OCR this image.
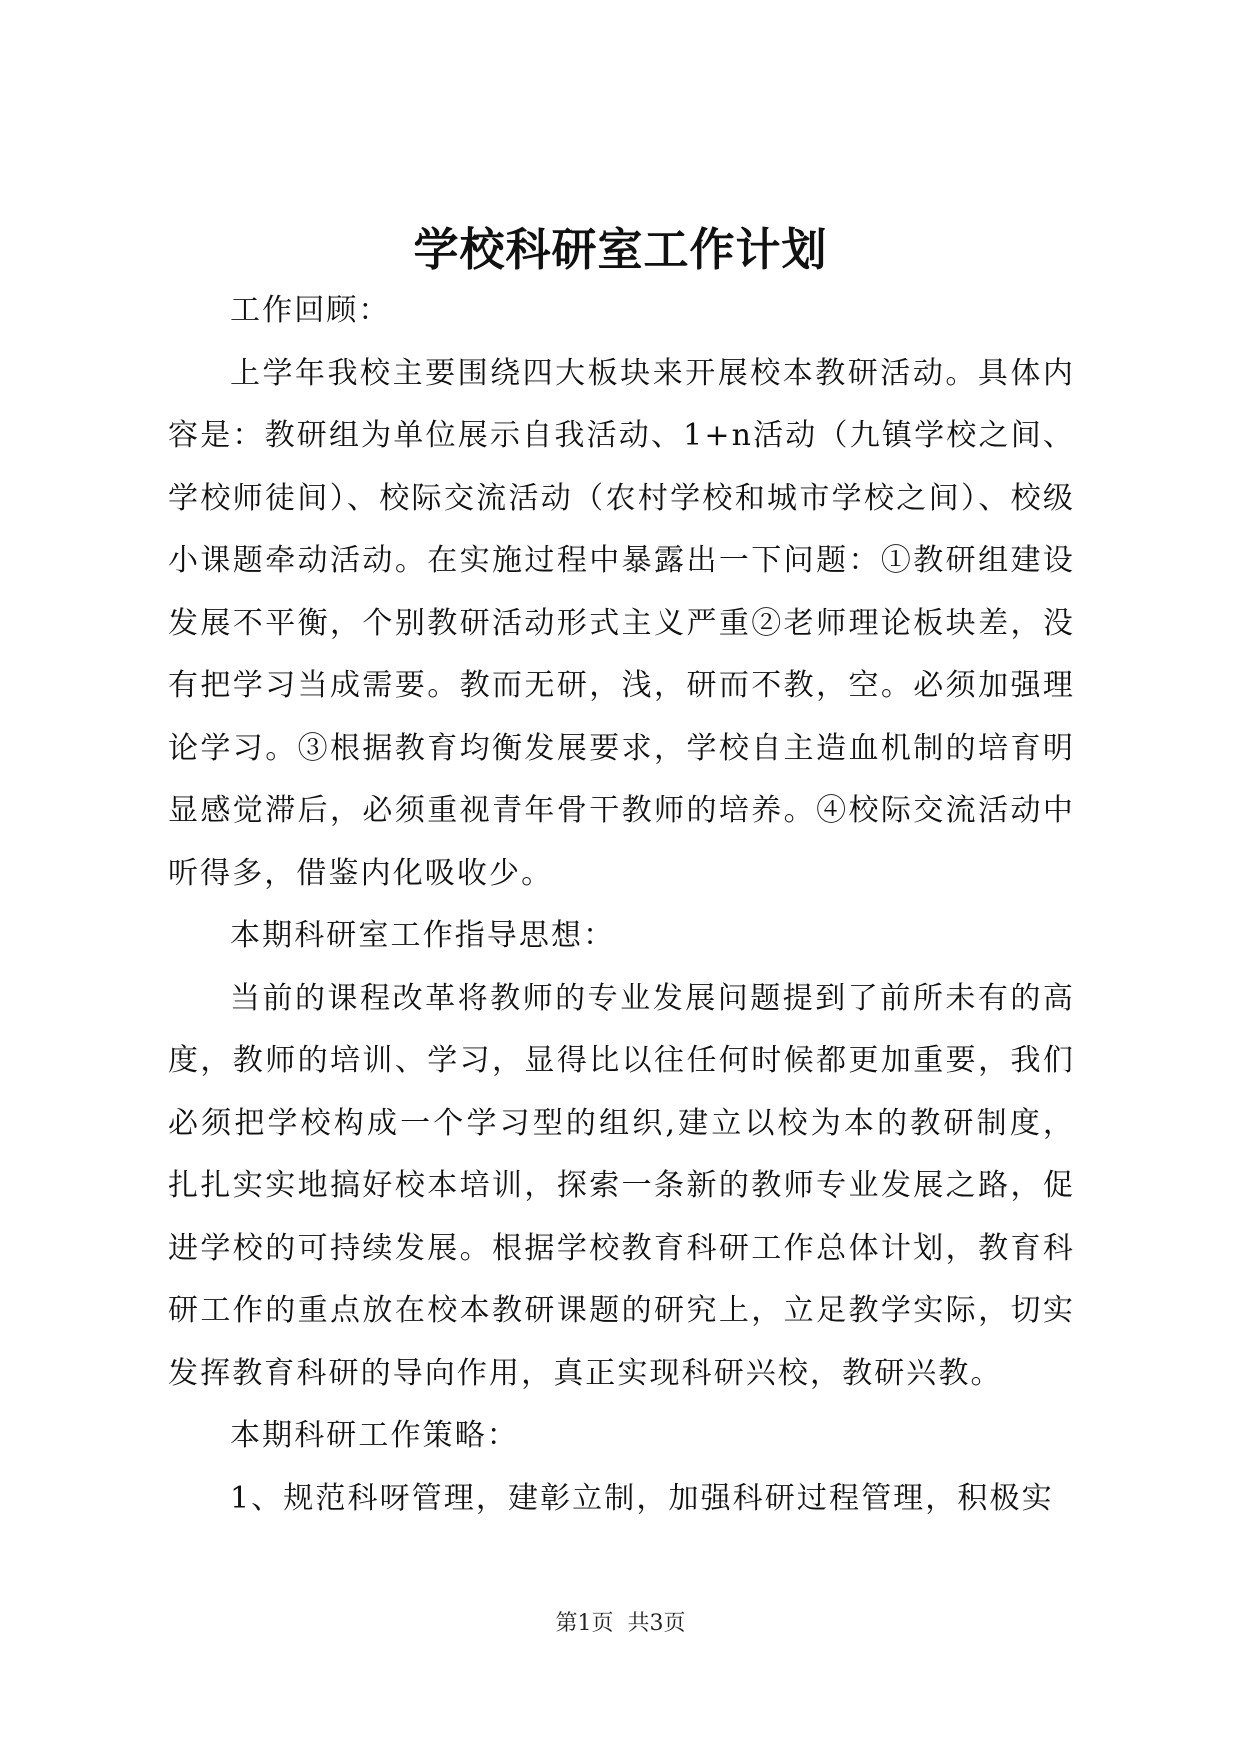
学校科研室工作计划

工作回顾：

上学年我校主要围绕四大板块来开展校本教研活动。具体内容是：教研组为单位展示自我活动、1+n活动（九镇学校之间、学校师徒间）、校际交流活动（农村学校和城市学校之间）、校级小课题牵动活动。在实施过程中暴露出一下问题：①教研组建设发展不平衡，个别教研活动形式主义严重②老师理论板块差，没有把学习当成需要。教而无研，浅，研而不教，空。必须加强理论学习。③根据教育均衡发展要求，学校自主造血机制的培育明显感觉滞后，必须重视青年骨干教师的培养。④校际交流活动中听得多，借鉴内化吸收少。

本期科研室工作指导思想：

当前的课程改革将教师的专业发展问题提到了前所未有的高度，教师的培训、学习，显得比以往任何时候都更加重要，我们必须把学校构成一个学习型的组织,建立以校为本的教研制度，扎扎实实地搞好校本培训，探索一条新的教师专业发展之路，促进学校的可持续发展。根据学校教育科研工作总体计划，教育科研工作的重点放在校本教研课题的研究上，立足教学实际，切实发挥教育科研的导向作用，真正实现科研兴校，教研兴教。

本期科研工作策略：

1、规范科呀管理，建彰立制，加强科研过程管理，积极实

第1页 共3页
